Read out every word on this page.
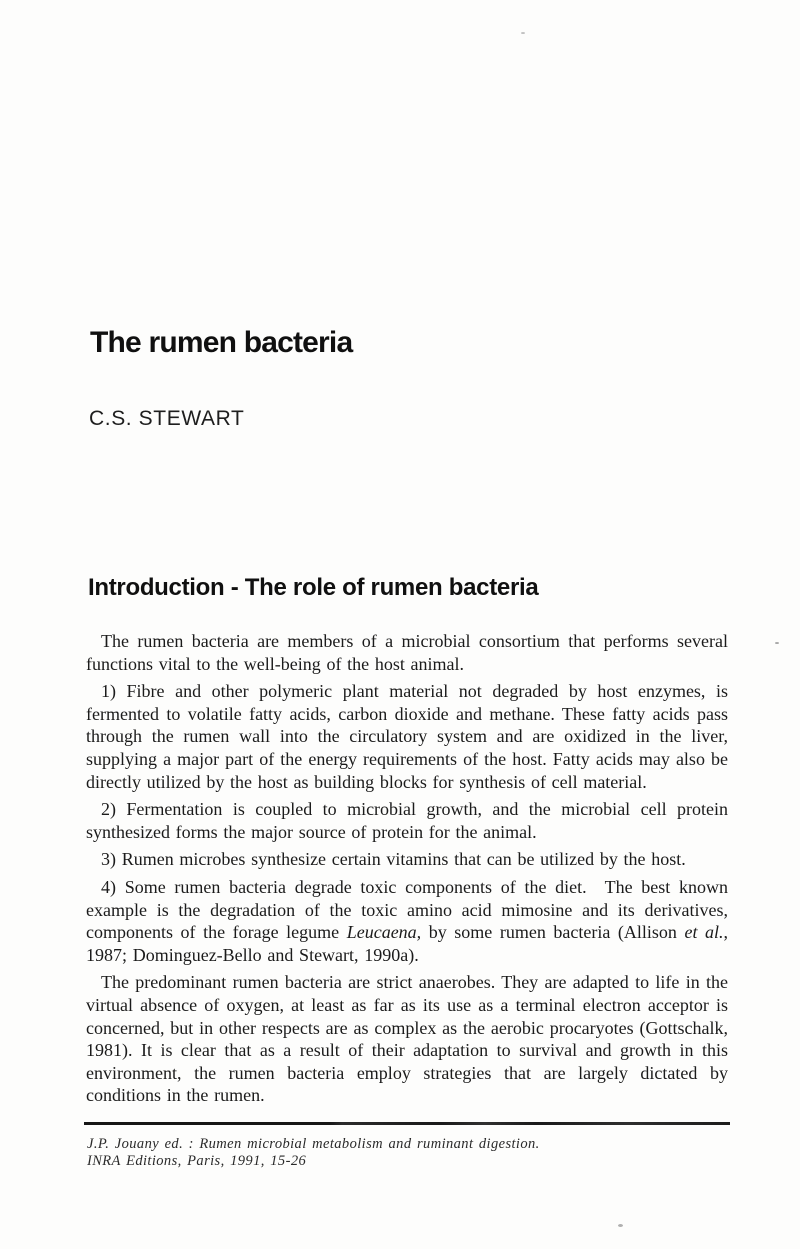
The rumen bacteria
C.S. STEWART
Introduction - The role of rumen bacteria

The rumen bacteria are members of a microbial consortium that performs several functions vital to the well-being of the host animal.

1) Fibre and other polymeric plant material not degraded by host enzymes, is fermented to volatile fatty acids, carbon dioxide and methane. These fatty acids pass through the rumen wall into the circulatory system and are oxidized in the liver, supplying a major part of the energy requirements of the host. Fatty acids may also be directly utilized by the host as building blocks for synthesis of cell material.

2) Fermentation is coupled to microbial growth, and the microbial cell protein synthesized forms the major source of protein for the animal.

3) Rumen microbes synthesize certain vitamins that can be utilized by the host.

4) Some rumen bacteria degrade toxic components of the diet. The best known example is the degradation of the toxic amino acid mimosine and its derivatives, components of the forage legume Leucaena, by some rumen bacteria (Allison et al., 1987; Dominguez-Bello and Stewart, 1990a).

The predominant rumen bacteria are strict anaerobes. They are adapted to life in the virtual absence of oxygen, at least as far as its use as a terminal electron acceptor is concerned, but in other respects are as complex as the aerobic procaryotes (Gottschalk, 1981). It is clear that as a result of their adaptation to survival and growth in this environment, the rumen bacteria employ strategies that are largely dictated by conditions in the rumen.

J.P. Jouany ed. : Rumen microbial metabolism and ruminant digestion.
INRA Editions, Paris, 1991, 15-26
